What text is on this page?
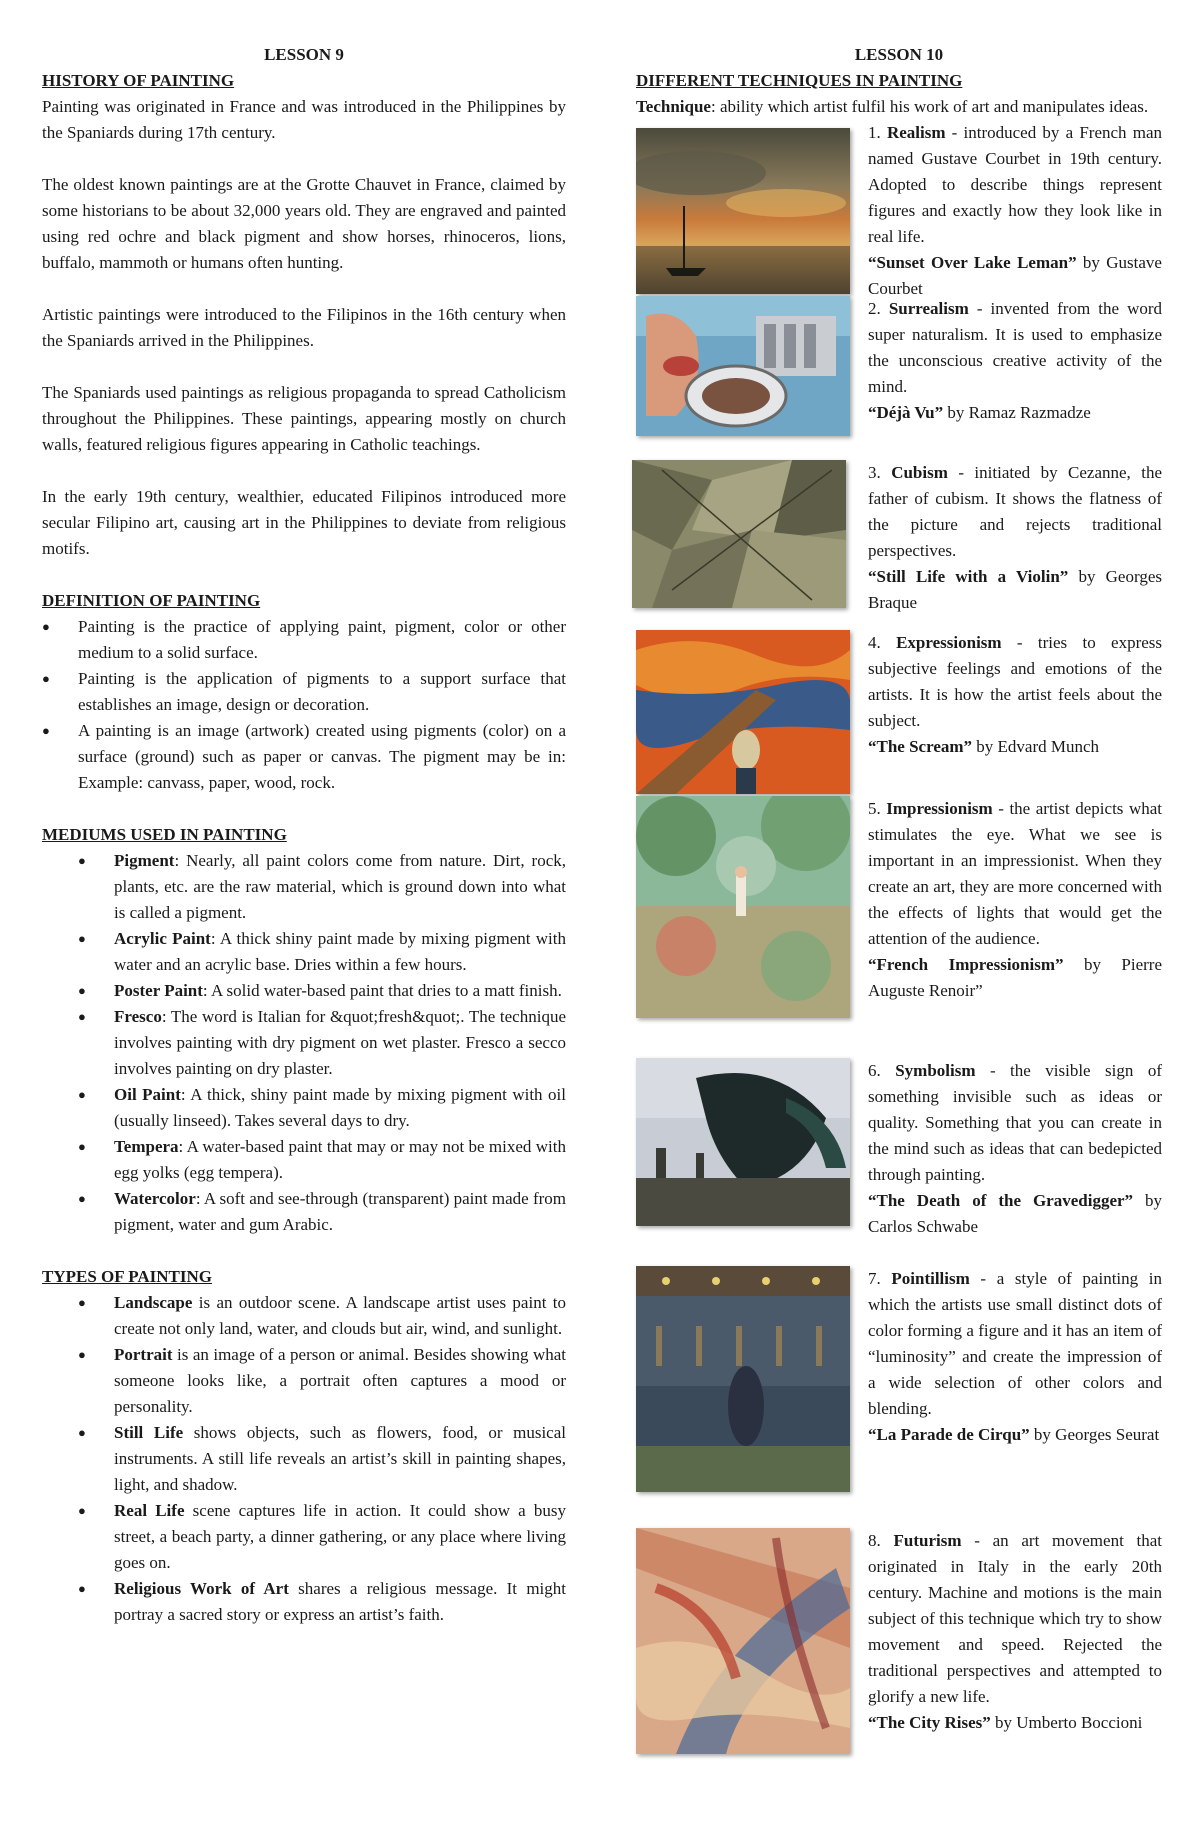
LESSON 9
HISTORY OF PAINTING

Painting was originated in France and was introduced in the Philippines by the Spaniards during 17th century.

The oldest known paintings are at the Grotte Chauvet in France, claimed by some historians to be about 32,000 years old. They are engraved and painted using red ochre and black pigment and show horses, rhinoceros, lions, buffalo, mammoth or humans often hunting.

Artistic paintings were introduced to the Filipinos in the 16th century when the Spaniards arrived in the Philippines.

The Spaniards used paintings as religious propaganda to spread Catholicism throughout the Philippines. These paintings, appearing mostly on church walls, featured religious figures appearing in Catholic teachings.

In the early 19th century, wealthier, educated Filipinos introduced more secular Filipino art, causing art in the Philippines to deviate from religious motifs.

DEFINITION OF PAINTING
● Painting is the practice of applying paint, pigment, color or other medium to a solid surface.
● Painting is the application of pigments to a support surface that establishes an image, design or decoration.
● A painting is an image (artwork) created using pigments (color) on a surface (ground) such as paper or canvas. The pigment may be in: Example: canvass, paper, wood, rock.
MEDIUMS USED IN PAINTING
● Pigment: Nearly, all paint colors come from nature. Dirt, rock, plants, etc. are the raw material, which is ground down into what is called a pigment.
● Acrylic Paint: A thick shiny paint made by mixing pigment with water and an acrylic base. Dries within a few hours.
● Poster Paint: A solid water-based paint that dries to a matt finish.
● Fresco: The word is Italian for &quot;fresh&quot;. The technique involves painting with dry pigment on wet plaster. Fresco a secco involves painting on dry plaster.
● Oil Paint: A thick, shiny paint made by mixing pigment with oil (usually linseed). Takes several days to dry.
● Tempera: A water-based paint that may or may not be mixed with egg yolks (egg tempera).
● Watercolor: A soft and see-through (transparent) paint made from pigment, water and gum Arabic.
TYPES OF PAINTING
● Landscape is an outdoor scene. A landscape artist uses paint to create not only land, water, and clouds but air, wind, and sunlight.
● Portrait is an image of a person or animal. Besides showing what someone looks like, a portrait often captures a mood or personality.
● Still Life shows objects, such as flowers, food, or musical instruments. A still life reveals an artist’s skill in painting shapes, light, and shadow.
● Real Life scene captures life in action. It could show a busy street, a beach party, a dinner gathering, or any place where living goes on.
● Religious Work of Art shares a religious message. It might portray a sacred story or express an artist’s faith.
LESSON 10
DIFFERENT TECHNIQUES IN PAINTING

Technique: ability which artist fulfil his work of art and manipulates ideas.

1. Realism - introduced by a French man named Gustave Courbet in 19th century. Adopted to describe things represent figures and exactly how they look like in real life.
“Sunset Over Lake Leman” by Gustave Courbet
2. Surrealism - invented from the word super naturalism. It is used to emphasize the unconscious creative activity of the mind.
“Déjà Vu” by Ramaz Razmadze
3. Cubism - initiated by Cezanne, the father of cubism. It shows the flatness of the picture and rejects traditional perspectives.
“Still Life with a Violin” by Georges Braque
4. Expressionism - tries to express subjective feelings and emotions of the artists. It is how the artist feels about the subject.
“The Scream” by Edvard Munch
5. Impressionism - the artist depicts what stimulates the eye. What we see is important in an impressionist. When they create an art, they are more concerned with the effects of lights that would get the attention of the audience.
“French Impressionism” by Pierre Auguste Renoir”
6. Symbolism - the visible sign of something invisible such as ideas or quality. Something that you can create in the mind such as ideas that can bedepicted through painting.
“The Death of the Gravedigger” by Carlos Schwabe
7. Pointillism - a style of painting in which the artists use small distinct dots of color forming a figure and it has an item of “luminosity” and create the impression of a wide selection of other colors and blending.
“La Parade de Cirqu” by Georges Seurat
8. Futurism - an art movement that originated in Italy in the early 20th century. Machine and motions is the main subject of this technique which try to show movement and speed. Rejected the traditional perspectives and attempted to glorify a new life.
“The City Rises” by Umberto Boccioni
